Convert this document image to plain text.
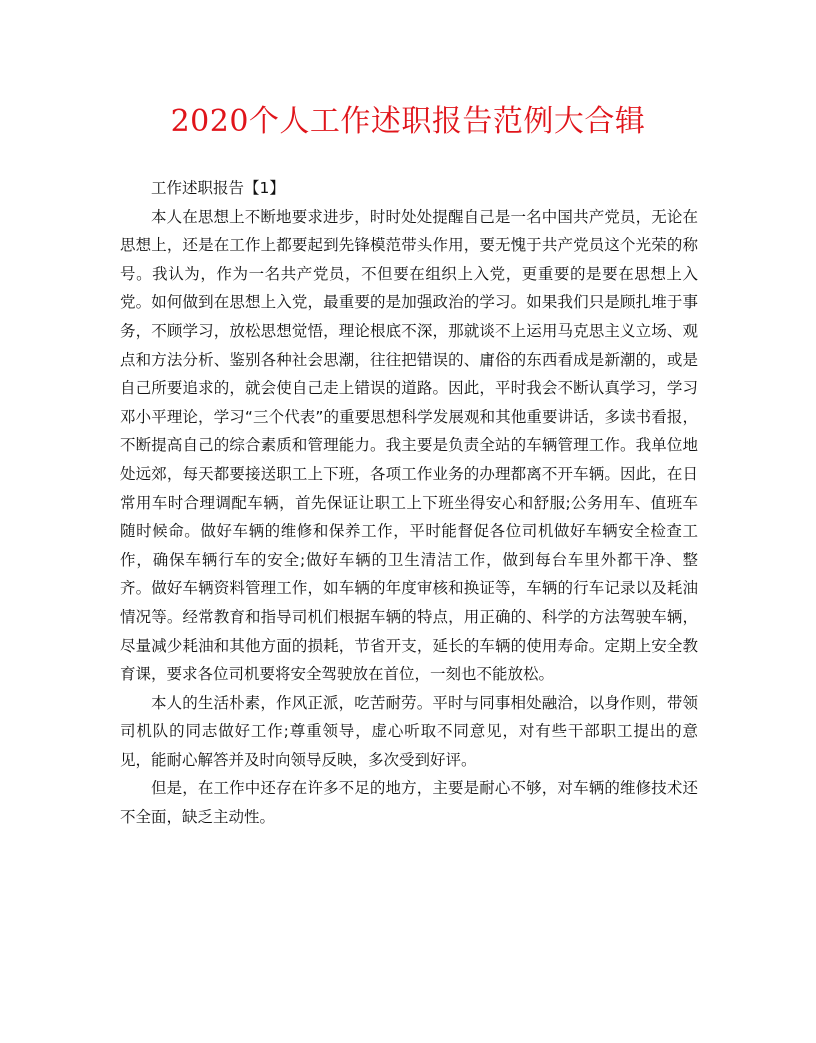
2020个人工作述职报告范例大合辑

工作述职报告【1】

本人在思想上不断地要求进步，时时处处提醒自己是一名中国共产党员，无论在思想上，还是在工作上都要起到先锋模范带头作用，要无愧于共产党员这个光荣的称号。我认为，作为一名共产党员，不但要在组织上入党，更重要的是要在思想上入党。如何做到在思想上入党，最重要的是加强政治的学习。如果我们只是顾扎堆于事务，不顾学习，放松思想觉悟，理论根底不深，那就谈不上运用马克思主义立场、观点和方法分析、鉴别各种社会思潮，往往把错误的、庸俗的东西看成是新潮的，或是自己所要追求的，就会使自己走上错误的道路。因此，平时我会不断认真学习，学习邓小平理论，学习“三个代表”的重要思想科学发展观和其他重要讲话，多读书看报，不断提高自己的综合素质和管理能力。我主要是负责全站的车辆管理工作。我单位地处远郊，每天都要接送职工上下班，各项工作业务的办理都离不开车辆。因此，在日常用车时合理调配车辆，首先保证让职工上下班坐得安心和舒服;公务用车、值班车随时候命。做好车辆的维修和保养工作，平时能督促各位司机做好车辆安全检查工作，确保车辆行车的安全;做好车辆的卫生清洁工作，做到每台车里外都干净、整齐。做好车辆资料管理工作，如车辆的年度审核和换证等，车辆的行车记录以及耗油情况等。经常教育和指导司机们根据车辆的特点，用正确的、科学的方法驾驶车辆，尽量减少耗油和其他方面的损耗，节省开支，延长的车辆的使用寿命。定期上安全教育课，要求各位司机要将安全驾驶放在首位，一刻也不能放松。

本人的生活朴素，作风正派，吃苦耐劳。平时与同事相处融洽，以身作则，带领司机队的同志做好工作;尊重领导，虚心听取不同意见，对有些干部职工提出的意见，能耐心解答并及时向领导反映，多次受到好评。

但是，在工作中还存在许多不足的地方，主要是耐心不够，对车辆的维修技术还不全面，缺乏主动性。
